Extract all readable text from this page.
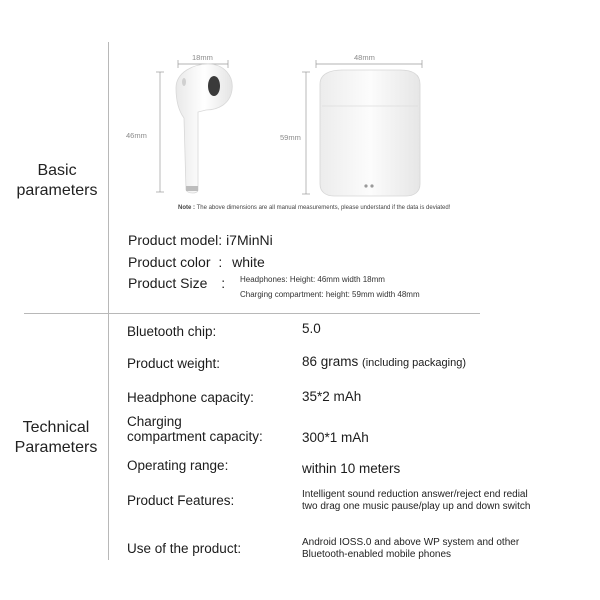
Basic
parameters
Technical
Parameters
18mm
46mm
48mm
59mm
Note : The above dimensions are all manual measurements, please understand if the data is deviated!
Product model: i7MinNi
Product color : white
Product Size :	Headphones: Height: 46mm width 18mm
Charging compartment: height: 59mm width 48mm
Bluetooth chip:	5.0
Product weight:	86 grams (including packaging)
Headphone capacity:	35*2 mAh
Charging
compartment capacity:	300*1 mAh
Operating range:	within 10 meters
Product Features:	Intelligent sound reduction answer/reject end redial two drag one music pause/play up and down switch
Use of the product:	Android IOSS.0 and above WP system and other Bluetooth-enabled mobile phones
